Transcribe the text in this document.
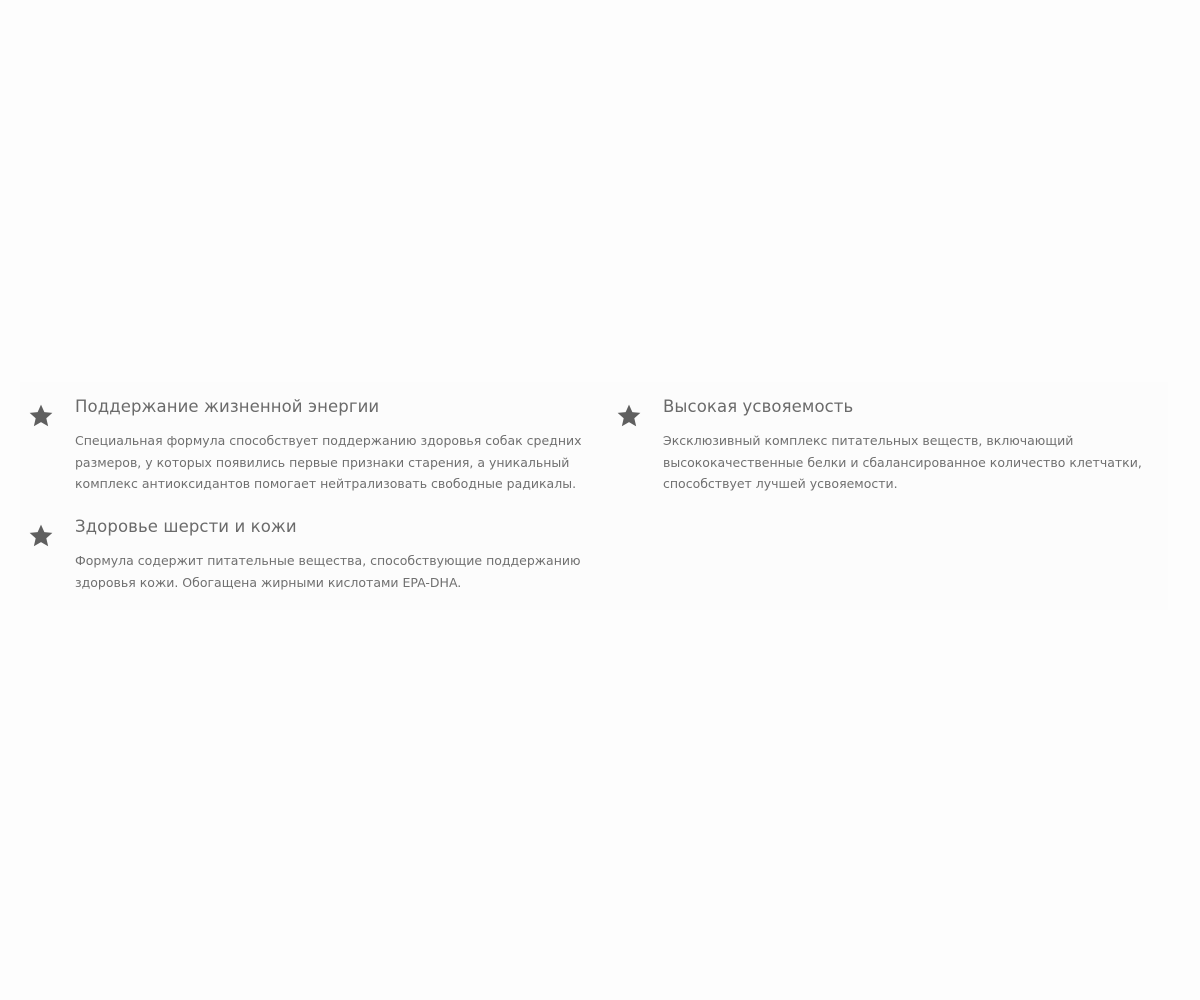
Поддержание жизненной энергии

Специальная формула способствует поддержанию здоровья собак средних

размеров, у которых появились первые признаки старения, а уникальный

комплекс антиоксидантов помогает нейтрализовать свободные радикалы.

Высокая усвояемость

Эксклюзивный комплекс питательных веществ, включающий

высококачественные белки и сбалансированное количество клетчатки,

способствует лучшей усвояемости.

Здоровье шерсти и кожи

Формула содержит питательные вещества, способствующие поддержанию

здоровья кожи. Обогащена жирными кислотами EPA-DHA.
